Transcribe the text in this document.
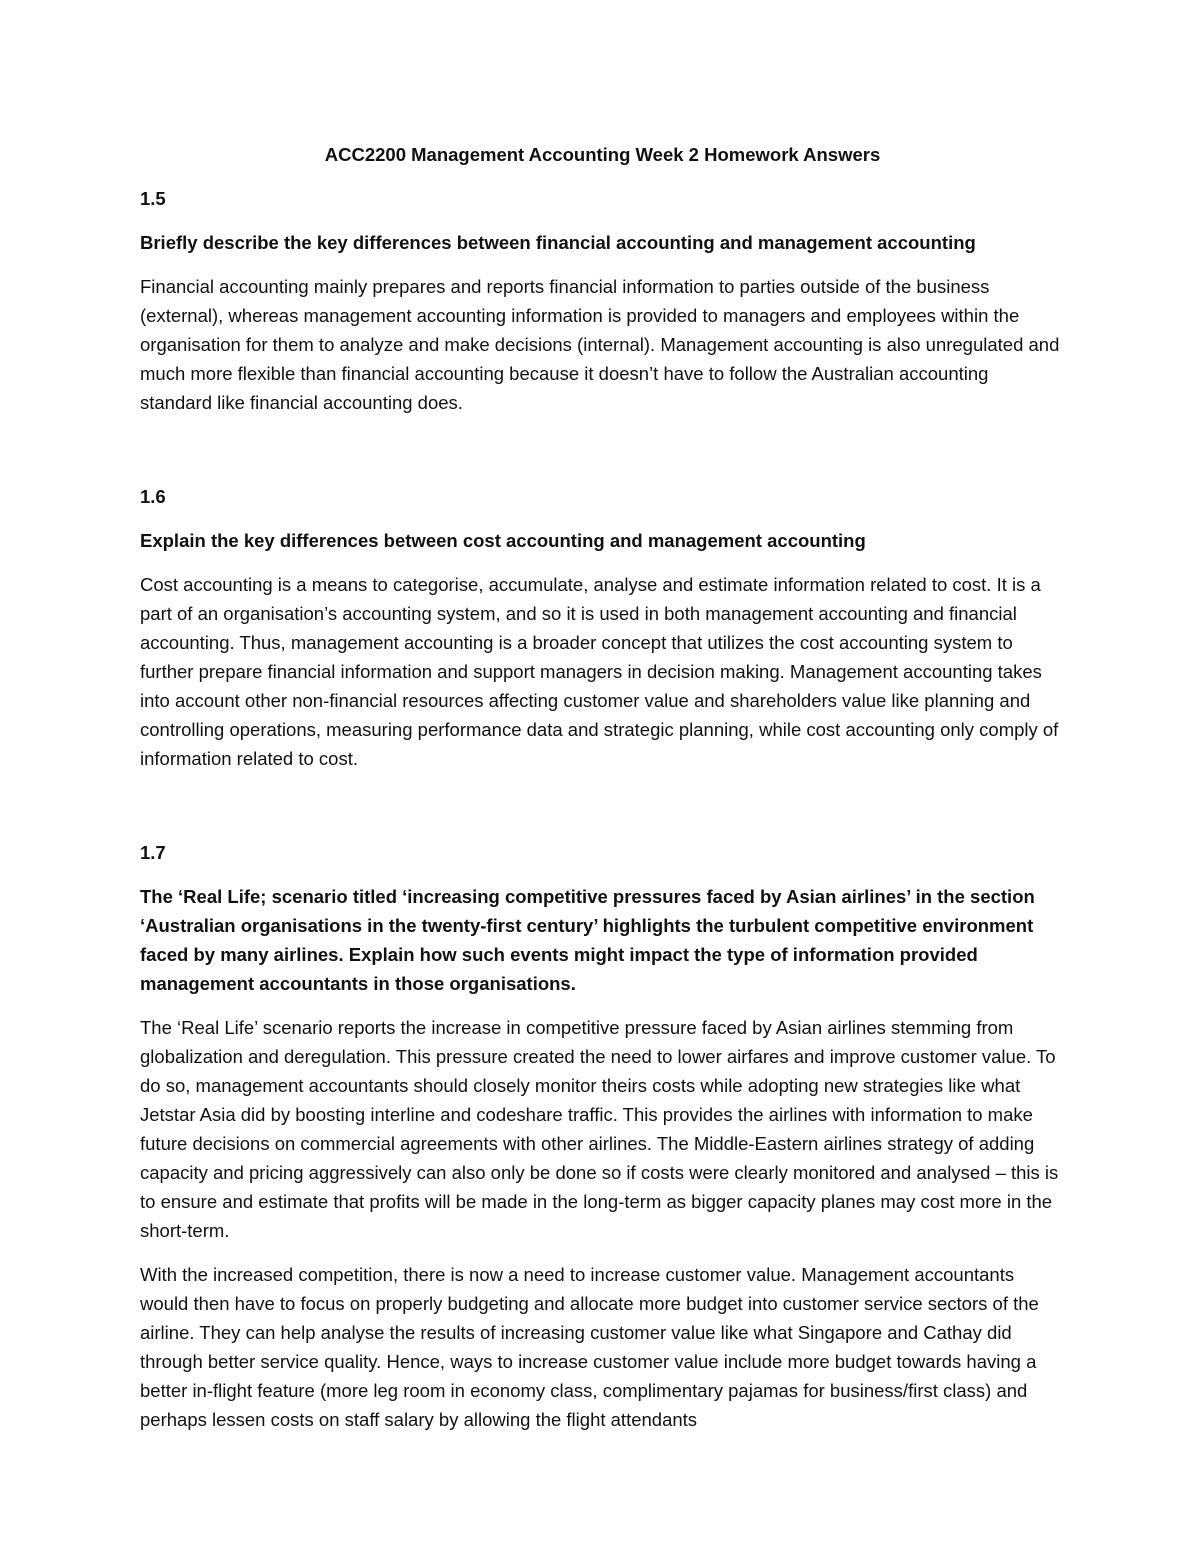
ACC2200 Management Accounting Week 2 Homework Answers
1.5
Briefly describe the key differences between financial accounting and management accounting
Financial accounting mainly prepares and reports financial information to parties outside of the business (external), whereas management accounting information is provided to managers and employees within the organisation for them to analyze and make decisions (internal). Management accounting is also unregulated and much more flexible than financial accounting because it doesn’t have to follow the Australian accounting standard like financial accounting does.
1.6
Explain the key differences between cost accounting and management accounting
Cost accounting is a means to categorise, accumulate, analyse and estimate information related to cost. It is a part of an organisation’s accounting system, and so it is used in both management accounting and financial accounting. Thus, management accounting is a broader concept that utilizes the cost accounting system to further prepare financial information and support managers in decision making. Management accounting takes into account other non-financial resources affecting customer value and shareholders value like planning and controlling operations, measuring performance data and strategic planning, while cost accounting only comply of information related to cost.
1.7
The ‘Real Life; scenario titled ‘increasing competitive pressures faced by Asian airlines’ in the section ‘Australian organisations in the twenty-first century’ highlights the turbulent competitive environment faced by many airlines. Explain how such events might impact the type of information provided management accountants in those organisations.
The ‘Real Life’ scenario reports the increase in competitive pressure faced by Asian airlines stemming from globalization and deregulation. This pressure created the need to lower airfares and improve customer value. To do so, management accountants should closely monitor theirs costs while adopting new strategies like what Jetstar Asia did by boosting interline and codeshare traffic. This provides the airlines with information to make future decisions on commercial agreements with other airlines. The Middle-Eastern airlines strategy of adding capacity and pricing aggressively can also only be done so if costs were clearly monitored and analysed – this is to ensure and estimate that profits will be made in the long-term as bigger capacity planes may cost more in the short-term.
With the increased competition, there is now a need to increase customer value. Management accountants would then have to focus on properly budgeting and allocate more budget into customer service sectors of the airline. They can help analyse the results of increasing customer value like what Singapore and Cathay did through better service quality. Hence, ways to increase customer value include more budget towards having a better in-flight feature (more leg room in economy class, complimentary pajamas for business/first class) and perhaps lessen costs on staff salary by allowing the flight attendants
